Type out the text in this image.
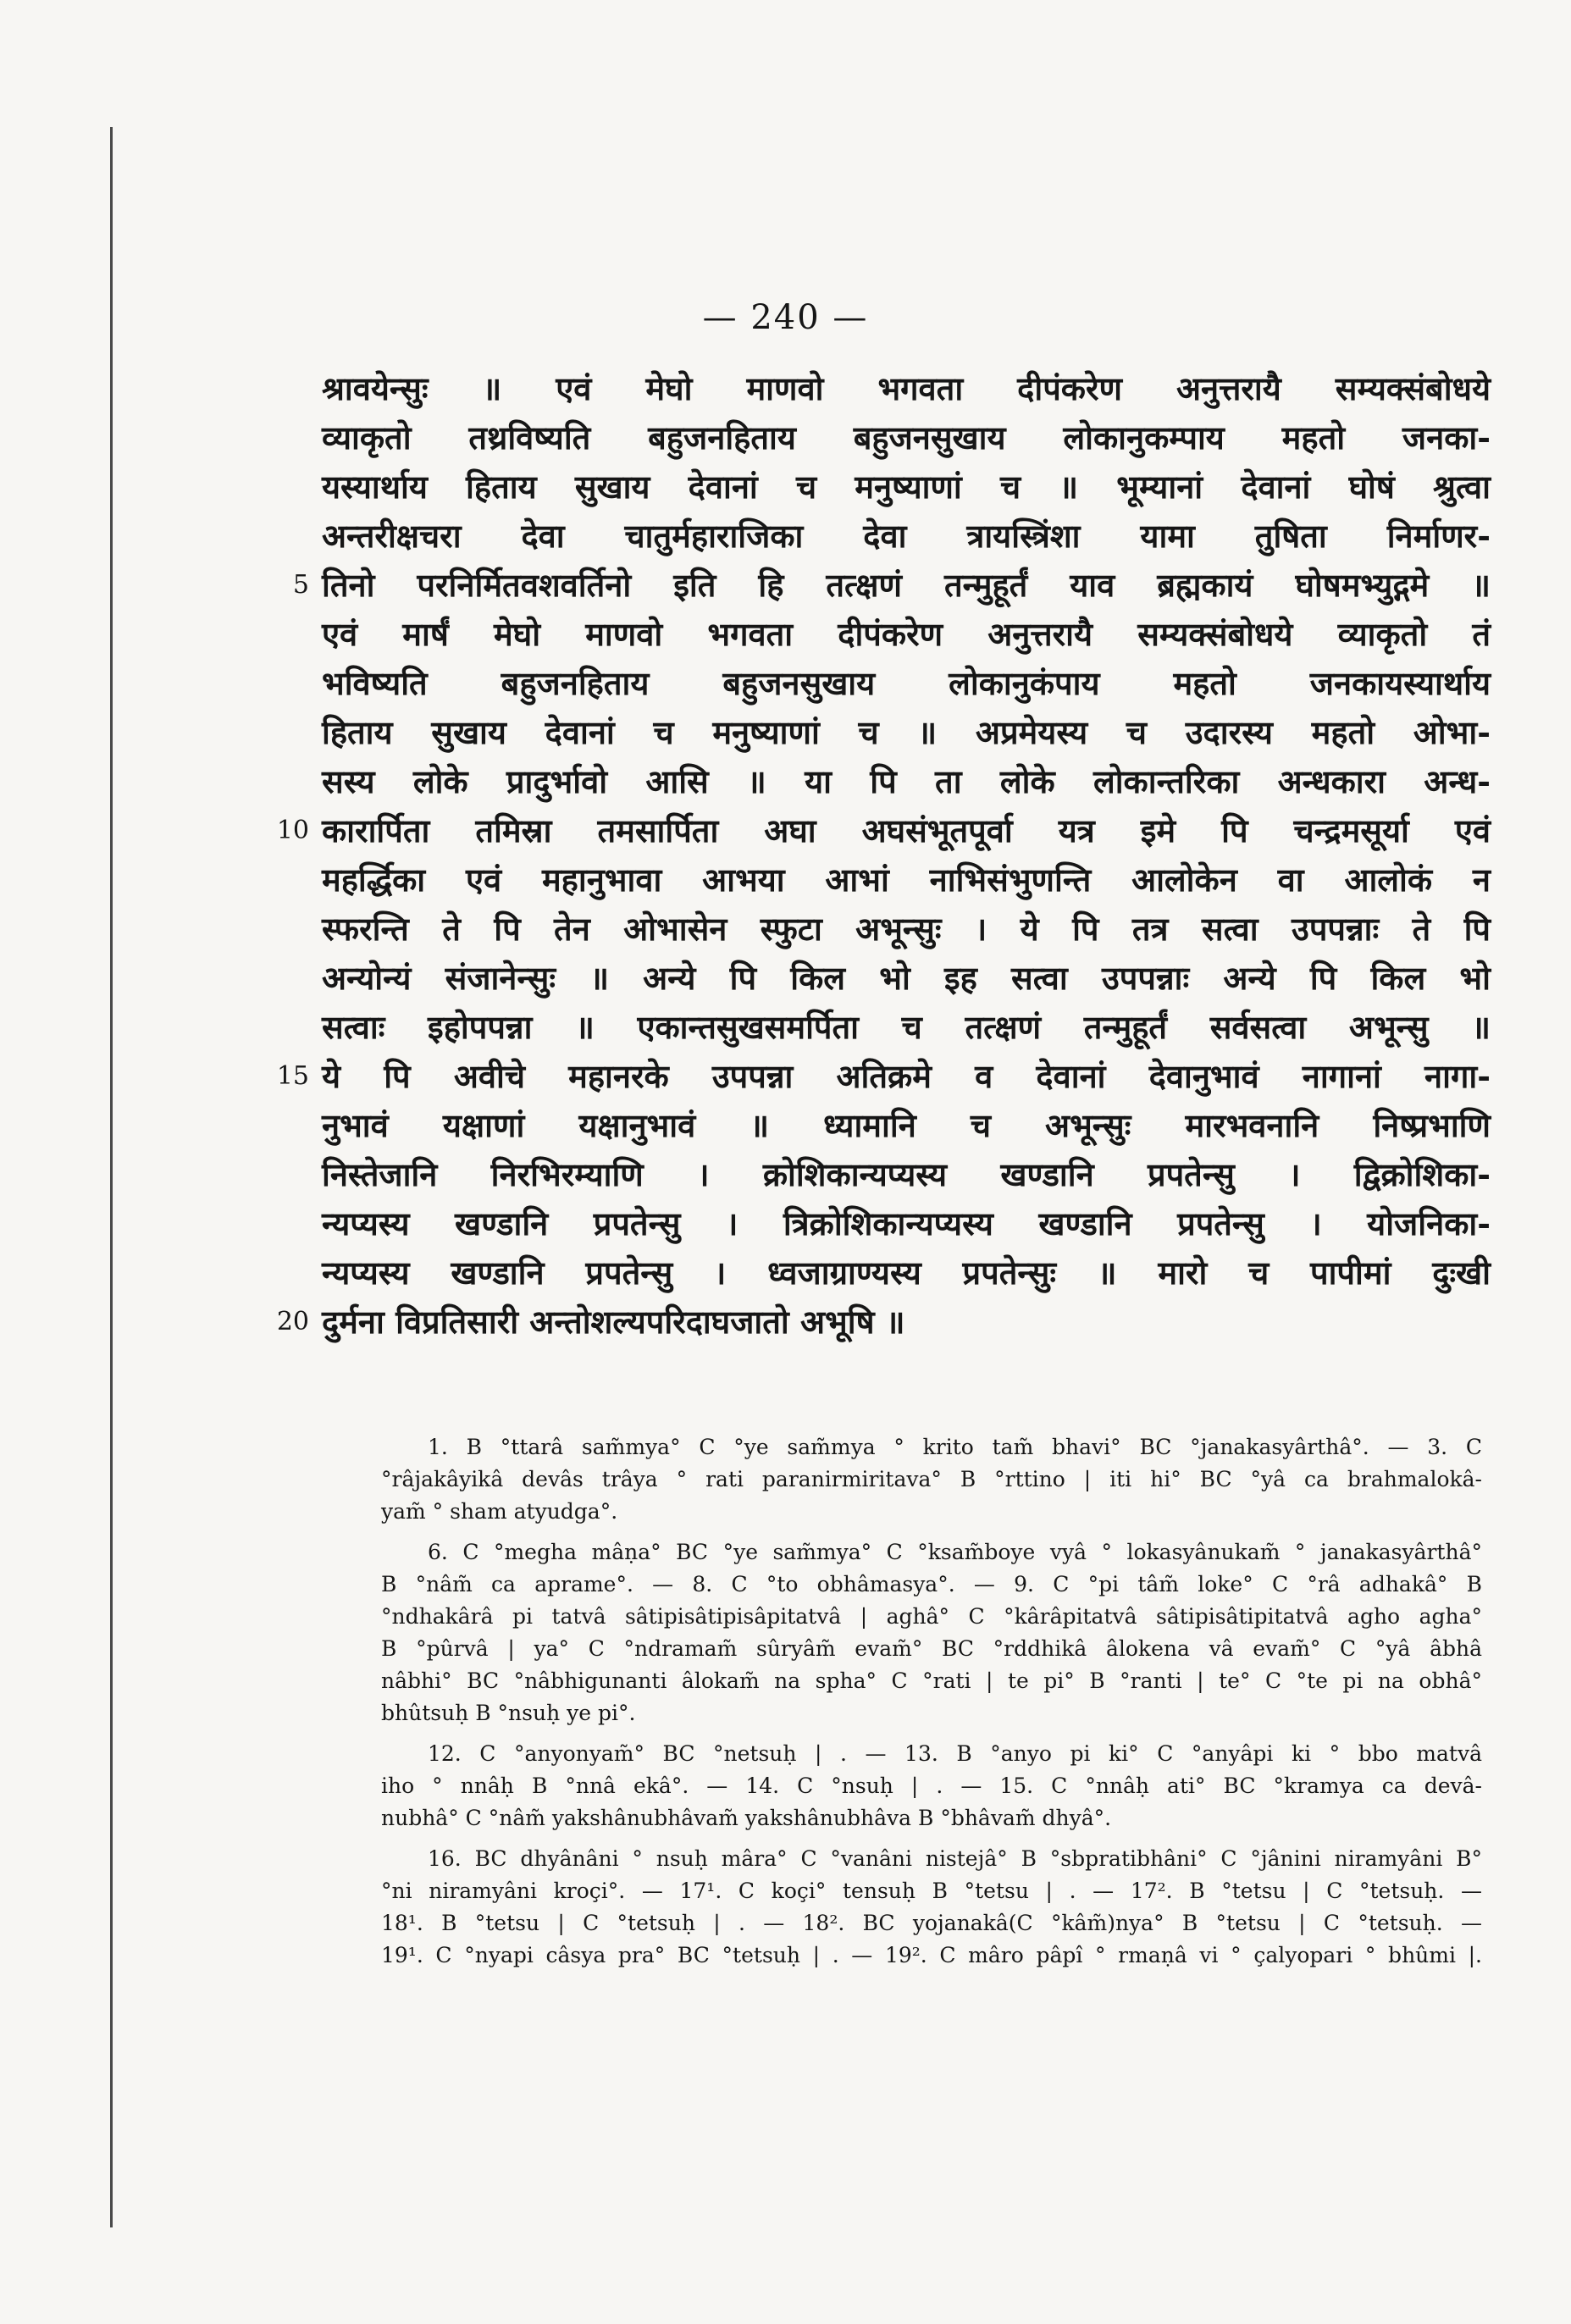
— 240 —
श्रावयेन्सुः ॥ एवं मेघो माणवो भगवता दीपंकरेण अनुत्तरायै सम्यक्संबोधये
व्याकृतो तथ्रविष्यति बहुजनहिताय बहुजनसुखाय लोकानुकम्पाय महतो जनका-
यस्यार्थाय हिताय सुखाय देवानां च मनुष्याणां च ॥ भूम्यानां देवानां घोषं श्रुत्वा
अन्तरीक्षचरा देवा चातुर्महाराजिका देवा त्रायस्त्रिंशा यामा तुषिता निर्माणर-
5 तिनो परनिर्मितवशवर्तिनो इति हि तत्क्षणं तन्मुहूर्तं याव ब्रह्मकायं घोषमभ्युद्गमे ॥
एवं मार्षं मेघो माणवो भगवता दीपंकरेण अनुत्तरायै सम्यक्संबोधये व्याकृतो तं
भविष्यति बहुजनहिताय बहुजनसुखाय लोकानुकंपाय महतो जनकायस्यार्थाय
हिताय सुखाय देवानां च मनुष्याणां च ॥ अप्रमेयस्य च उदारस्य महतो ओभा-
सस्य लोके प्रादुर्भावो आसि ॥ या पि ता लोके लोकान्तरिका अन्धकारा अन्ध-
10 कारार्पिता तमिस्रा तमसार्पिता अघा अघसंभूतपूर्वा यत्र इमे पि चन्द्रमसूर्या एवं
महर्द्धिका एवं महानुभावा आभया आभां नाभिसंभुणन्ति आलोकेन वा आलोकं न
स्फरन्ति ते पि तेन ओभासेन स्फुटा अभून्सुः । ये पि तत्र सत्वा उपपन्नाः ते पि
अन्योन्यं संजानेन्सुः ॥ अन्ये पि किल भो इह सत्वा उपपन्नाः अन्ये पि किल भो
सत्वाः इहोपपन्ना ॥ एकान्तसुखसमर्पिता च तत्क्षणं तन्मुहूर्तं सर्वसत्वा अभून्सु ॥
15 ये पि अवीचे महानरके उपपन्ना अतिक्रमे व देवानां देवानुभावं नागानां नागा-
नुभावं यक्षाणां यक्षानुभावं ॥ ध्यामानि च अभून्सुः मारभवनानि निष्प्रभाणि
निस्तेजानि निरभिरम्याणि । क्रोशिकान्यप्यस्य खण्डानि प्रपतेन्सु । द्विक्रोशिका-
न्यप्यस्य खण्डानि प्रपतेन्सु । त्रिक्रोशिकान्यप्यस्य खण्डानि प्रपतेन्सु । योजनिका-
न्यप्यस्य खण्डानि प्रपतेन्सु । ध्वजाग्राण्यस्य प्रपतेन्सुः ॥ मारो च पापीमां दुःखी
20 दुर्मना विप्रतिसारी अन्तोशल्यपरिदाघजातो अभूषि ॥

1. B °ttarâ sam̃mya° C °ye sam̃mya ° krito tam̃ bhavi° BC °janakasyârthâ°. — 3. C
°râjakâyikâ devâs trâya ° rati paranirmiritava° B °rttino | iti hi° BC °yâ ca brahmalokâ-
yam̃ ° sham atyudga°.

6. C °megha mâṇa° BC °ye sam̃mya° C °ksam̃boye vyâ ° lokasyânukam̃ ° janakasyârthâ°
B °nâm̃ ca aprame°. — 8. C °to obhâmasya°. — 9. C °pi tâm̃ loke° C °râ adhakâ° B
°ndhakârâ pi tatvâ sâtipisâtipisâpitatvâ | aghâ° C °kârâpitatvâ sâtipisâtipitatvâ agho agha°
B °pûrvâ | ya° C °ndramam̃ sûryâm̃ evam̃° BC °rddhikâ âlokena vâ evam̃° C °yâ âbhâ
nâbhi° BC °nâbhigunanti âlokam̃ na spha° C °rati | te pi° B °ranti | te° C °te pi na obhâ°
bhûtsuḥ B °nsuḥ ye pi°.

12. C °anyonyam̃° BC °netsuḥ | . — 13. B °anyo pi ki° C °anyâpi ki ° bbo matvâ
iho ° nnâḥ B °nnâ ekâ°. — 14. C °nsuḥ | . — 15. C °nnâḥ ati° BC °kramya ca devâ-
nubhâ° C °nâm̃ yakshânubhâvam̃ yakshânubhâva B °bhâvam̃ dhyâ°.

16. BC dhyânâni ° nsuḥ mâra° C °vanâni nistejâ° B °sbpratibhâni° C °jânini niramyâni B°
°ni niramyâni kroçi°. — 17¹. C koçi° tensuḥ B °tetsu | . — 17². B °tetsu | C °tetsuḥ. —
18¹. B °tetsu | C °tetsuḥ | . — 18². BC yojanakâ(C °kâm̃)nya° B °tetsu | C °tetsuḥ. —
19¹. C °nyapi câsya pra° BC °tetsuḥ | . — 19². C mâro pâpî ° rmaṇâ vi ° çalyopari ° bhûmi |.
